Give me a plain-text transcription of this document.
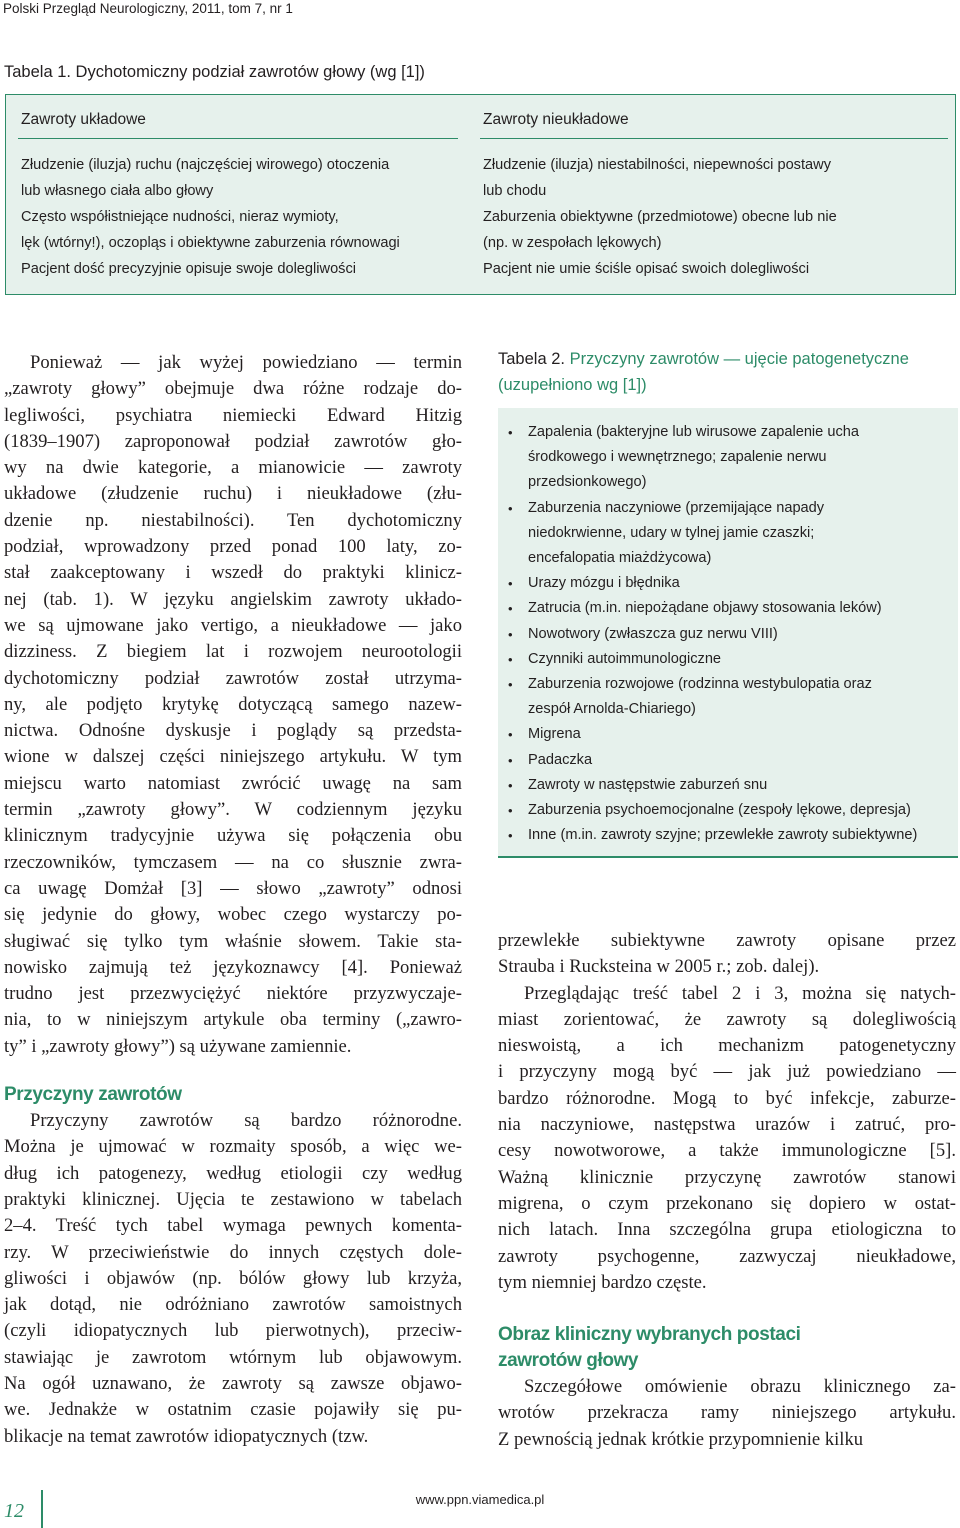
Polski Przegląd Neurologiczny, 2011, tom 7, nr 1
Tabela 1. Dychotomiczny podział zawrotów głowy (wg [1])
Zawroty układowe
Złudzenie (iluzja) ruchu (najczęściej wirowego) otoczenia
lub własnego ciała albo głowy
Często współistniejące nudności, nieraz wymioty,
lęk (wtórny!), oczopląs i obiektywne zaburzenia równowagi
Pacjent dość precyzyjnie opisuje swoje dolegliwości
Zawroty nieukładowe
Złudzenie (iluzja) niestabilności, niepewności postawy
lub chodu
Zaburzenia obiektywne (przedmiotowe) obecne lub nie
(np. w zespołach lękowych)
Pacjent nie umie ściśle opisać swoich dolegliwości
Ponieważ — jak wyżej powiedziano — termin
„zawroty głowy” obejmuje dwa różne rodzaje do-
legliwości, psychiatra niemiecki Edward Hitzig
(1839–1907) zaproponował podział zawrotów gło-
wy na dwie kategorie, a mianowicie — zawroty
układowe (złudzenie ruchu) i nieukładowe (złu-
dzenie np. niestabilności). Ten dychotomiczny
podział, wprowadzony przed ponad 100 laty, zo-
stał zaakceptowany i wszedł do praktyki klinicz-
nej (tab. 1). W języku angielskim zawroty układo-
we są ujmowane jako vertigo, a nieukładowe — jako
dizziness. Z biegiem lat i rozwojem neurootologii
dychotomiczny podział zawrotów został utrzyma-
ny, ale podjęto krytykę dotyczącą samego nazew-
nictwa. Odnośne dyskusje i poglądy są przedsta-
wione w dalszej części niniejszego artykułu. W tym
miejscu warto natomiast zwrócić uwagę na sam
termin „zawroty głowy”. W codziennym języku
klinicznym tradycyjnie używa się połączenia obu
rzeczowników, tymczasem — na co słusznie zwra-
ca uwagę Domżał [3] — słowo „zawroty” odnosi
się jedynie do głowy, wobec czego wystarczy po-
sługiwać się tylko tym właśnie słowem. Takie sta-
nowisko zajmują też językoznawcy [4]. Ponieważ
trudno jest przezwyciężyć niektóre przyzwyczaje-
nia, to w niniejszym artykule oba terminy („zawro-
ty” i „zawroty głowy”) są używane zamiennie.
Przyczyny zawrotów
Przyczyny zawrotów są bardzo różnorodne.
Można je ujmować w rozmaity sposób, a więc we-
dług ich patogenezy, według etiologii czy według
praktyki klinicznej. Ujęcia te zestawiono w tabelach
2–4. Treść tych tabel wymaga pewnych komenta-
rzy. W przeciwieństwie do innych częstych dole-
gliwości i objawów (np. bólów głowy lub krzyża,
jak dotąd, nie odróżniano zawrotów samoistnych
(czyli idiopatycznych lub pierwotnych), przeciw-
stawiając je zawrotom wtórnym lub objawowym.
Na ogół uznawano, że zawroty są zawsze objawo-
we. Jednakże w ostatnim czasie pojawiły się pu-
blikacje na temat zawrotów idiopatycznych (tzw.
Tabela 2. Przyczyny zawrotów — ujęcie patogenetyczne
(uzupełniono wg [1])
• Zapalenia (bakteryjne lub wirusowe zapalenie ucha
środkowego i wewnętrznego; zapalenie nerwu
przedsionkowego)
• Zaburzenia naczyniowe (przemijające napady
niedokrwienne, udary w tylnej jamie czaszki;
encefalopatia miażdżycowa)
• Urazy mózgu i błędnika
• Zatrucia (m.in. niepożądane objawy stosowania leków)
• Nowotwory (zwłaszcza guz nerwu VIII)
• Czynniki autoimmunologiczne
• Zaburzenia rozwojowe (rodzinna westybulopatia oraz
zespół Arnolda-Chiariego)
• Migrena
• Padaczka
• Zawroty w następstwie zaburzeń snu
• Zaburzenia psychoemocjonalne (zespoły lękowe, depresja)
• Inne (m.in. zawroty szyjne; przewlekłe zawroty subiektywne)
przewlekłe subiektywne zawroty opisane przez
Strauba i Rucksteina w 2005 r.; zob. dalej).
Przeglądając treść tabel 2 i 3, można się natych-
miast zorientować, że zawroty są dolegliwością
nieswoistą, a ich mechanizm patogenetyczny
i przyczyny mogą być — jak już powiedziano —
bardzo różnorodne. Mogą to być infekcje, zaburze-
nia naczyniowe, następstwa urazów i zatruć, pro-
cesy nowotworowe, a także immunologiczne [5].
Ważną klinicznie przyczynę zawrotów stanowi
migrena, o czym przekonano się dopiero w ostat-
nich latach. Inna szczególna grupa etiologiczna to
zawroty psychogenne, zazwyczaj nieukładowe,
tym niemniej bardzo częste.
Obraz kliniczny wybranych postaci
zawrotów głowy
Szczegółowe omówienie obrazu klinicznego za-
wrotów przekracza ramy niniejszego artykułu.
Z pewnością jednak krótkie przypomnienie kilku
12
www.ppn.viamedica.pl
